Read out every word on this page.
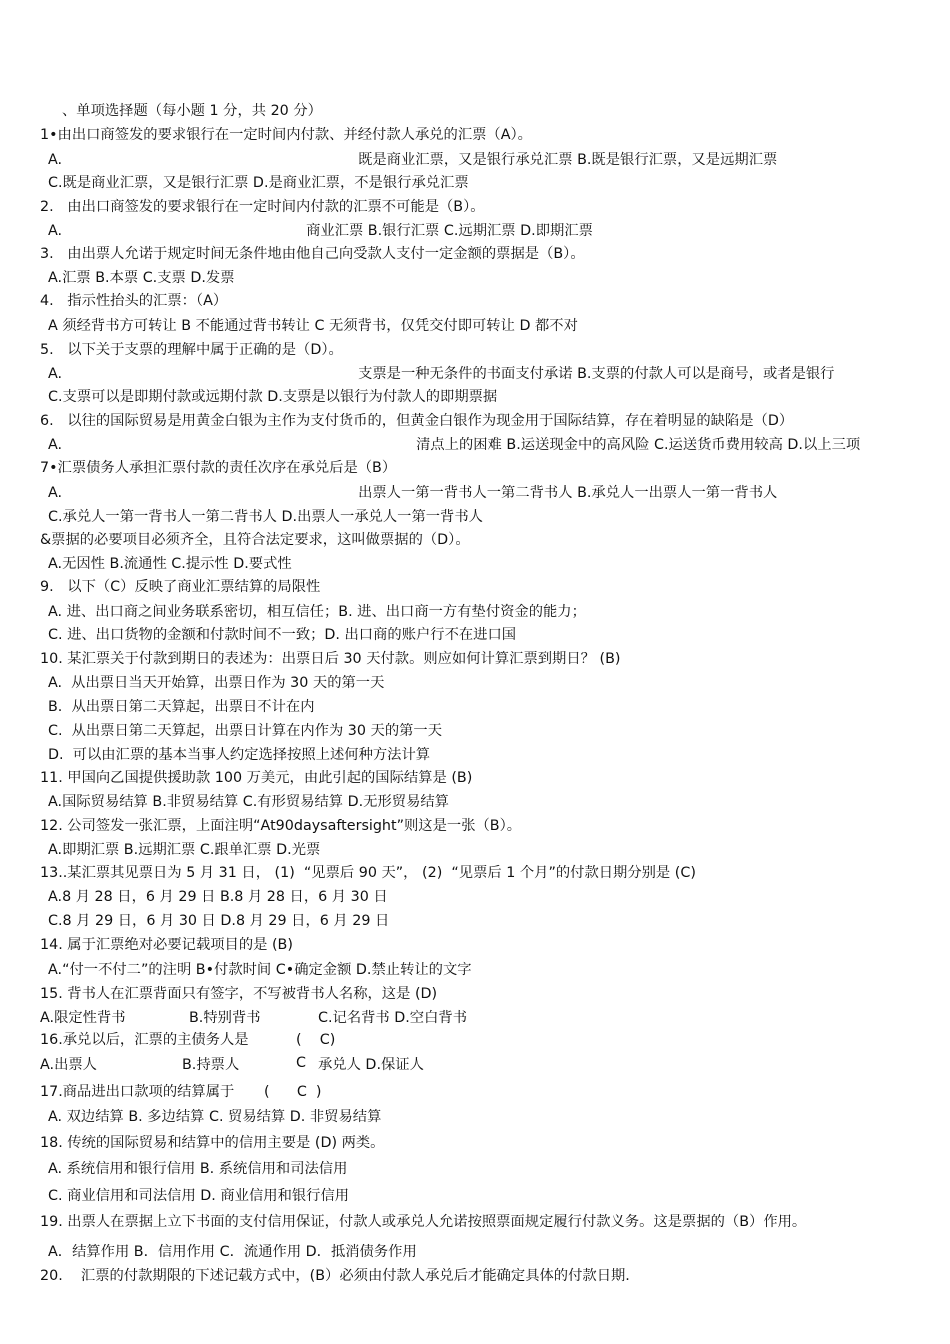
、单项选择题（每小题 1 分，共 20 分）
1•由出口商签发的要求银行在一定时间内付款、并经付款人承兑的汇票（A）。
A.	既是商业汇票，又是银行承兑汇票 B.既是银行汇票，又是远期汇票
C.既是商业汇票，又是银行汇票 D.是商业汇票，不是银行承兑汇票
2.   由出口商签发的要求银行在一定时间内付款的汇票不可能是（B）。
A.	商业汇票 B.银行汇票 C.远期汇票 D.即期汇票
3.   由出票人允诺于规定时间无条件地由他自己向受款人支付一定金额的票据是（B）。
A.汇票 B.本票 C.支票 D.发票
4.   指示性抬头的汇票：（A）
A 须经背书方可转让 B 不能通过背书转让 C 无须背书，仅凭交付即可转让 D 都不对
5.   以下关于支票的理解中属于正确的是（D）。
A.	支票是一种无条件的书面支付承诺 B.支票的付款人可以是商号，或者是银行
C.支票可以是即期付款或远期付款 D.支票是以银行为付款人的即期票据
6.   以往的国际贸易是用黄金白银为主作为支付货币的，但黄金白银作为现金用于国际结算，存在着明显的缺陷是（D）
A.	清点上的困难 B.运送现金中的高风险 C.运送货币费用较高 D.以上三项
7•汇票债务人承担汇票付款的责任次序在承兑后是（B）
A.	出票人一第一背书人一第二背书人 B.承兑人一出票人一第一背书人
C.承兑人一第一背书人一第二背书人 D.出票人一承兑人一第一背书人
&票据的必要项目必须齐全，且符合法定要求，这叫做票据的（D）。
A.无因性 B.流通性 C.提示性 D.要式性
9.   以下（C）反映了商业汇票结算的局限性
A. 进、出口商之间业务联系密切，相互信任；B. 进、出口商一方有垫付资金的能力；
C. 进、出口货物的金额和付款时间不一致；D. 出口商的账户行不在进口国
10. 某汇票关于付款到期日的表述为：出票日后 30 天付款。则应如何计算汇票到期日？ (B)
A.  从出票日当天开始算，出票日作为 30 天的第一天
B.  从出票日第二天算起，出票日不计在内
C.  从出票日第二天算起，出票日计算在内作为 30 天的第一天
D.  可以由汇票的基本当事人约定选择按照上述何种方法计算
11. 甲国向乙国提供援助款 100 万美元，由此引起的国际结算是 (B)
A.国际贸易结算 B.非贸易结算 C.有形贸易结算 D.无形贸易结算
12. 公司签发一张汇票，上面注明“At90daysaftersight”则这是一张（B）。
A.即期汇票 B.远期汇票 C.跟单汇票 D.光票
13..某汇票其见票日为 5 月 31 日， (1)  “见票后 90 天”， (2)  “见票后 1 个月”的付款日期分别是 (C)
A.8 月 28 日，6 月 29 日 B.8 月 28 日，6 月 30 日
C.8 月 29 日，6 月 30 日 D.8 月 29 日，6 月 29 日
14. 属于汇票绝对必要记载项目的是 (B)
A.“付一不付二”的注明 B•付款时间 C•确定金额 D.禁止转让的文字
15. 背书人在汇票背面只有签字，不写被背书人名称，这是 (D)
A.限定性背书	B.特别背书	C.记名背书 D.空白背书
16.承兑以后，汇票的主债务人是	(    C)
A.出票人	B.持票人	C 承兑人 D.保证人
17.商品进出口款项的结算属于 (      C  )
A. 双边结算 B. 多边结算 C. 贸易结算 D. 非贸易结算
18. 传统的国际贸易和结算中的信用主要是 (D) 两类。
A. 系统信用和银行信用 B. 系统信用和司法信用
C. 商业信用和司法信用 D. 商业信用和银行信用
19. 出票人在票据上立下书面的支付信用保证，付款人或承兑人允诺按照票面规定履行付款义务。这是票据的（B）作用。
A．结算作用 B．信用作用 C．流通作用 D．抵消债务作用
20.    汇票的付款期限的下述记载方式中，(B）必须由付款人承兑后才能确定具体的付款日期.
